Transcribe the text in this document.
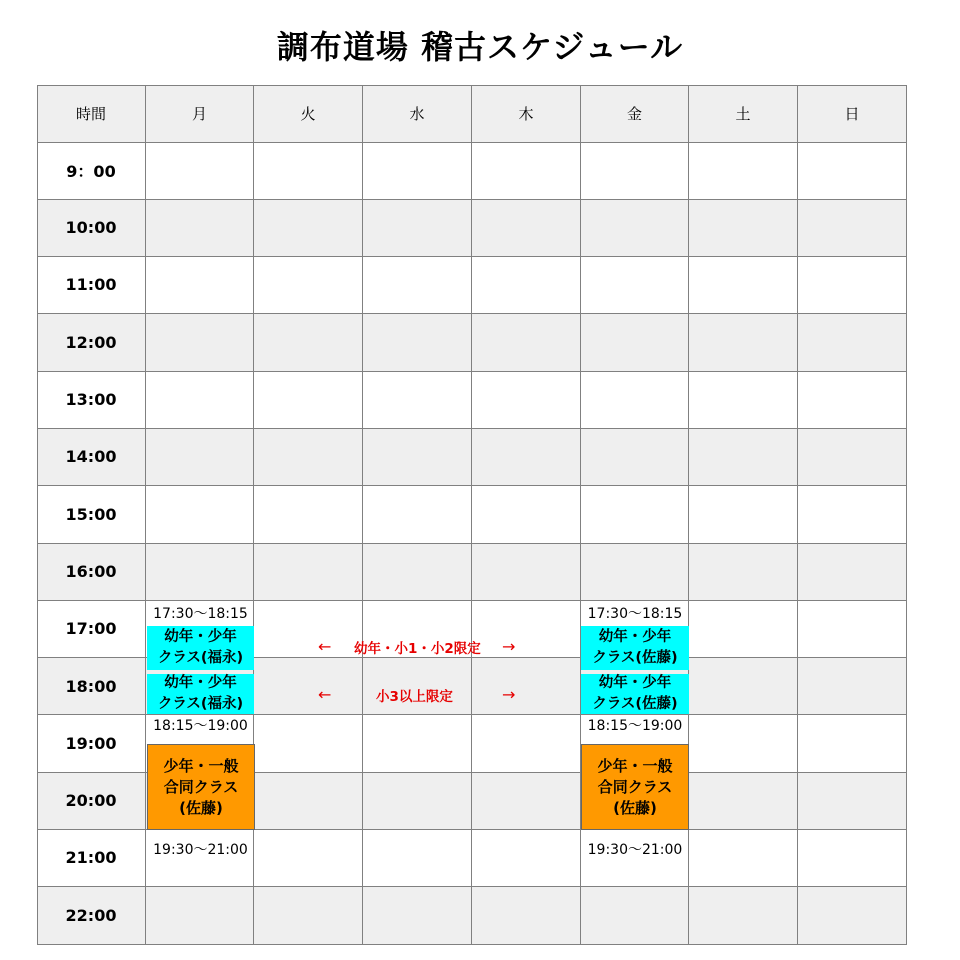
調布道場 稽古スケジュール
22:00
21:00
20:00
19:00
18:00
17:00
16:00
15:00
14:00
13:00
12:00
11:00
10:00
9：00
日
土
金
木
水
火
月
時間
17:30〜18:15
幼年・少年
クラス(福永)
幼年・少年
クラス(福永)
18:15〜19:00
少年・一般
合同クラス
(佐藤)
19:30〜21:00
17:30〜18:15
幼年・少年
クラス(佐藤)
幼年・少年
クラス(佐藤)
18:15〜19:00
少年・一般
合同クラス
(佐藤)
19:30〜21:00
← 幼年・小1・小2限定 →
←	小3以上限定	→
